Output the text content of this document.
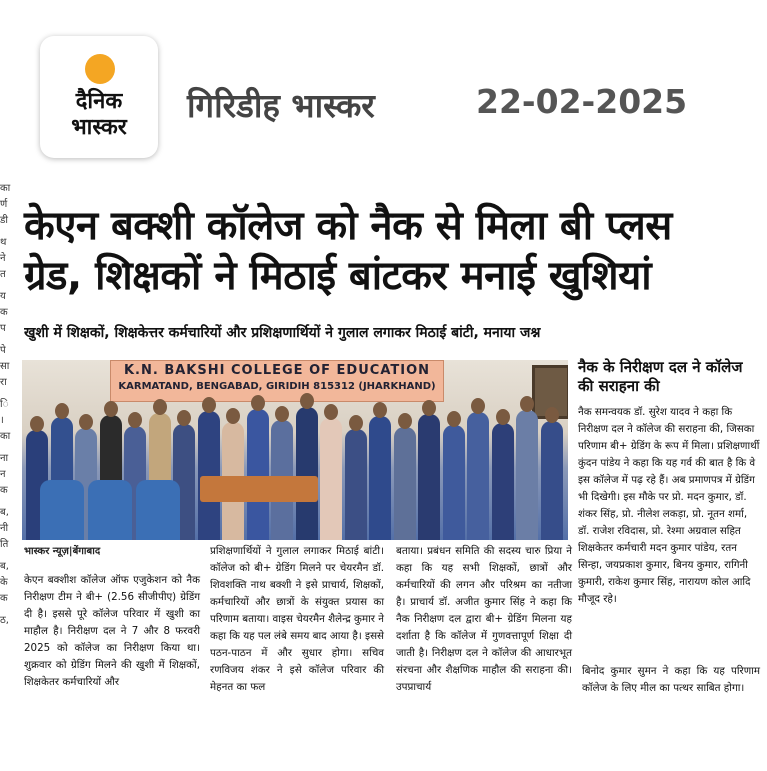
दैनिक
भास्कर
गिरिडीह भास्कर	22-02-2025
का
र्ण
डी
थ
ने
त
य
क
प
पे
सा
रा
ि
।
का
ना
न
क
ब,
नी
ति
ब,
के
क
ठ,
केएन बक्शी कॉलेज को नैक से मिला बी प्लस
ग्रेड, शिक्षकों ने मिठाई बांटकर मनाई खुशियां
खुशी में शिक्षकों, शिक्षकेत्तर कर्मचारियों और प्रशिक्षणार्थियों ने गुलाल लगाकर मिठाई बांटी, मनाया जश्न
K.N. BAKSHI COLLEGE OF EDUCATION
KARMATAND, BENGABAD, GIRIDIH 815312 (JHARKHAND)
नैक के निरीक्षण दल ने कॉलेज की सराहना की

नैक समन्वयक डॉ. सुरेश यादव ने कहा कि निरीक्षण दल ने कॉलेज की सराहना की, जिसका परिणाम बी+ ग्रेडिंग के रूप में मिला। प्रशिक्षणार्थी कुंदन पांडेय ने कहा कि यह गर्व की बात है कि वे इस कॉलेज में पढ़ रहे हैं। अब प्रमाणपत्र में ग्रेडिंग भी दिखेगी। इस मौके पर प्रो. मदन कुमार, डॉ. शंकर सिंह, प्रो. नीलेश लकड़ा, प्रो. नूतन शर्मा, डॉ. राजेश रविदास, प्रो. रेश्मा अग्रवाल सहित शिक्षकेतर कर्मचारी मदन कुमार पांडेय, रतन सिन्हा, जयप्रकाश कुमार, बिनय कुमार, रागिनी कुमारी, राकेश कुमार सिंह, नारायण कोल आदि मौजूद रहे।

भास्कर न्यूज़|बेंगाबाद

केएन बक्शीश कॉलेज ऑफ एजुकेशन को नैक निरीक्षण टीम ने बी+ (2.56 सीजीपीए) ग्रेडिंग दी है। इससे पूरे कॉलेज परिवार में खुशी का माहौल है। निरीक्षण दल ने 7 और 8 फरवरी 2025 को कॉलेज का निरीक्षण किया था। शुक्रवार को ग्रेडिंग मिलने की खुशी में शिक्षकों, शिक्षकेतर कर्मचारियों और

प्रशिक्षणार्थियों ने गुलाल लगाकर मिठाई बांटी। कॉलेज को बी+ ग्रेडिंग मिलने पर चेयरमैन डॉ. शिवशक्ति नाथ बक्शी ने इसे प्राचार्य, शिक्षकों, कर्मचारियों और छात्रों के संयुक्त प्रयास का परिणाम बताया। वाइस चेयरमैन शैलेन्द्र कुमार ने कहा कि यह पल लंबे समय बाद आया है। इससे पठन-पाठन में और सुधार होगा। सचिव रणविजय शंकर ने इसे कॉलेज परिवार की मेहनत का फल

बताया। प्रबंधन समिति की सदस्य चारु प्रिया ने कहा कि यह सभी शिक्षकों, छात्रों और कर्मचारियों की लगन और परिश्रम का नतीजा है। प्राचार्य डॉ. अजीत कुमार सिंह ने कहा कि नैक निरीक्षण दल द्वारा बी+ ग्रेडिंग मिलना यह दर्शाता है कि कॉलेज में गुणवत्तापूर्ण शिक्षा दी जाती है। निरीक्षण दल ने कॉलेज की आधारभूत संरचना और शैक्षणिक माहौल की सराहना की। उपप्राचार्य

बिनोद कुमार सुमन ने कहा कि यह परिणाम कॉलेज के लिए मील का पत्थर साबित होगा।
